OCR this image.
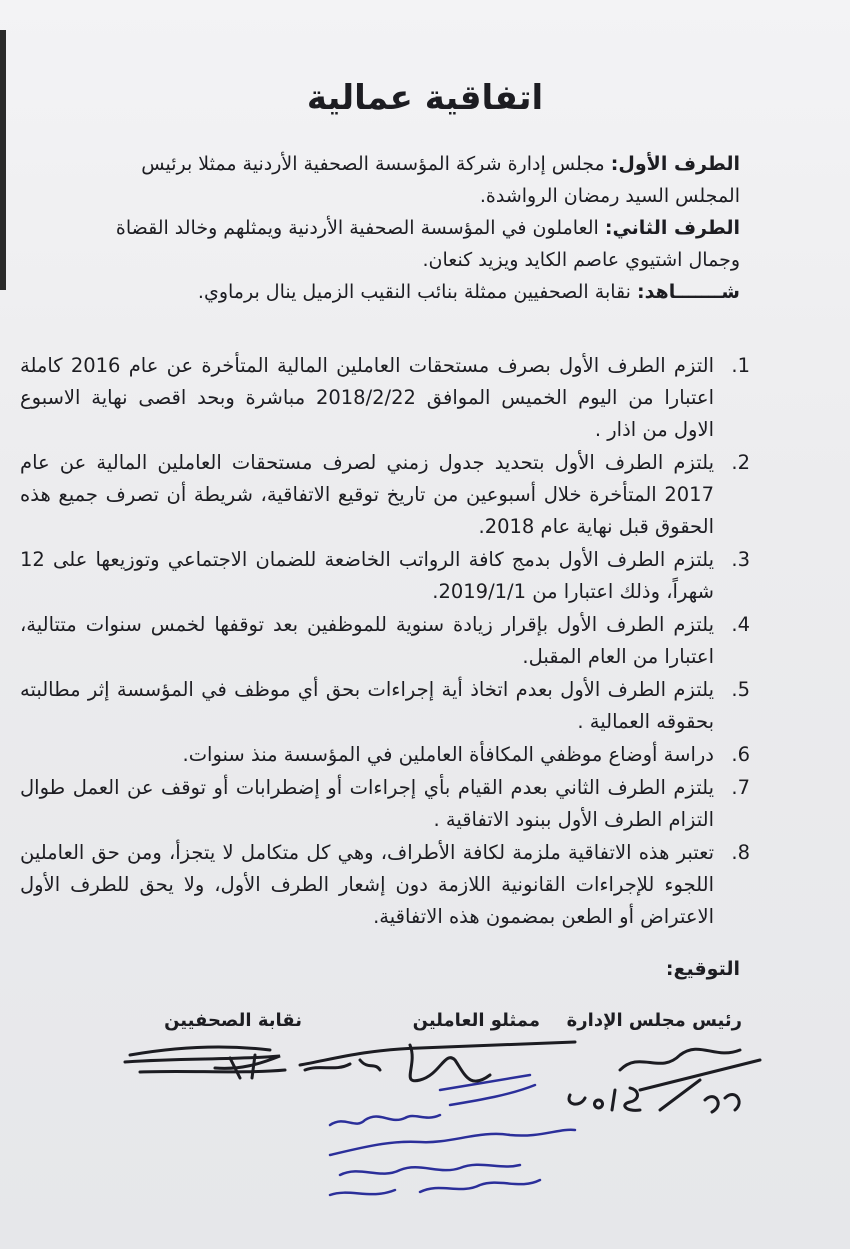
اتفاقية عمالية

الطرف الأول: مجلس إدارة شركة المؤسسة الصحفية الأردنية ممثلا برئيس المجلس السيد رمضان الرواشدة.

الطرف الثاني: العاملون في المؤسسة الصحفية الأردنية ويمثلهم وخالد القضاة وجمال اشتيوي عاصم الكايد ويزيد كنعان.

شـــــــاهد: نقابة الصحفيين ممثلة بنائب النقيب الزميل ينال برماوي.

1.
التزم الطرف الأول بصرف مستحقات العاملين المالية المتأخرة عن عام 2016 كاملة اعتبارا من اليوم الخميس الموافق 2018/2/22 مباشرة وبحد اقصى نهاية الاسبوع الاول من اذار .
2.
يلتزم الطرف الأول بتحديد جدول زمني لصرف مستحقات العاملين المالية عن عام 2017 المتأخرة خلال أسبوعين من تاريخ توقيع الاتفاقية، شريطة أن تصرف جميع هذه الحقوق قبل نهاية عام 2018.
3.
يلتزم الطرف الأول بدمج كافة الرواتب الخاضعة للضمان الاجتماعي وتوزيعها على 12 شهراً، وذلك اعتبارا من 2019/1/1.
4.
يلتزم الطرف الأول بإقرار زيادة سنوية للموظفين بعد توقفها لخمس سنوات متتالية، اعتبارا من العام المقبل.
5.
يلتزم الطرف الأول بعدم اتخاذ أية إجراءات بحق أي موظف في المؤسسة إثر مطالبته بحقوقه العمالية .
6.
دراسة أوضاع موظفي المكافأة العاملين في المؤسسة منذ سنوات.
7.
يلتزم الطرف الثاني بعدم القيام بأي إجراءات أو إضطرابات أو توقف عن العمل طوال التزام الطرف الأول ببنود الاتفاقية .
8.
تعتبر هذه الاتفاقية ملزمة لكافة الأطراف، وهي كل متكامل لا يتجزأ، ومن حق العاملين اللجوء للإجراءات القانونية اللازمة دون إشعار الطرف الأول، ولا يحق للطرف الأول الاعتراض أو الطعن بمضمون هذه الاتفاقية.
التوقيع:
رئيس مجلس الإدارة
ممثلو العاملين
نقابة الصحفيين
